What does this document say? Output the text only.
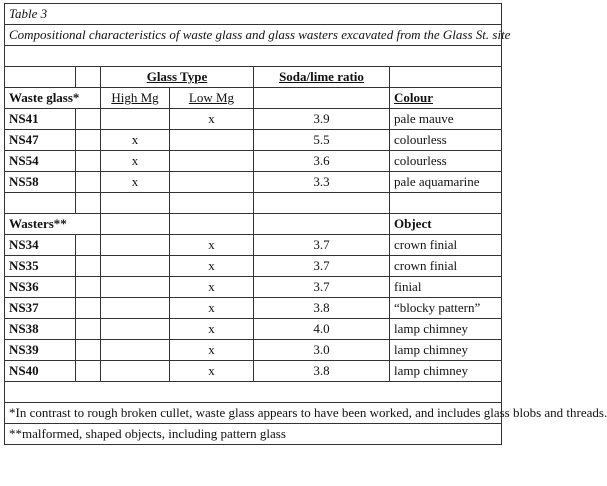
Table 3					
Compositional characteristics of waste glass and glass wasters excavated from the Glass St. site					

		Glass Type		Soda/lime ratio	
Waste glass*		High Mg	Low Mg		Colour
NS41			x	3.9	pale mauve
NS47		x		5.5	colourless
NS54		x		3.6	colourless
NS58		x		3.3	pale aquamarine

Wasters**					Object
NS34			x	3.7	crown finial
NS35			x	3.7	crown finial
NS36			x	3.7	finial
NS37			x	3.8	“blocky pattern”
NS38			x	4.0	lamp chimney
NS39			x	3.0	lamp chimney
NS40			x	3.8	lamp chimney

*In contrast to rough broken cullet, waste glass appears to have been worked, and includes glass blobs and threads.					
**malformed, shaped objects, including pattern glass					
